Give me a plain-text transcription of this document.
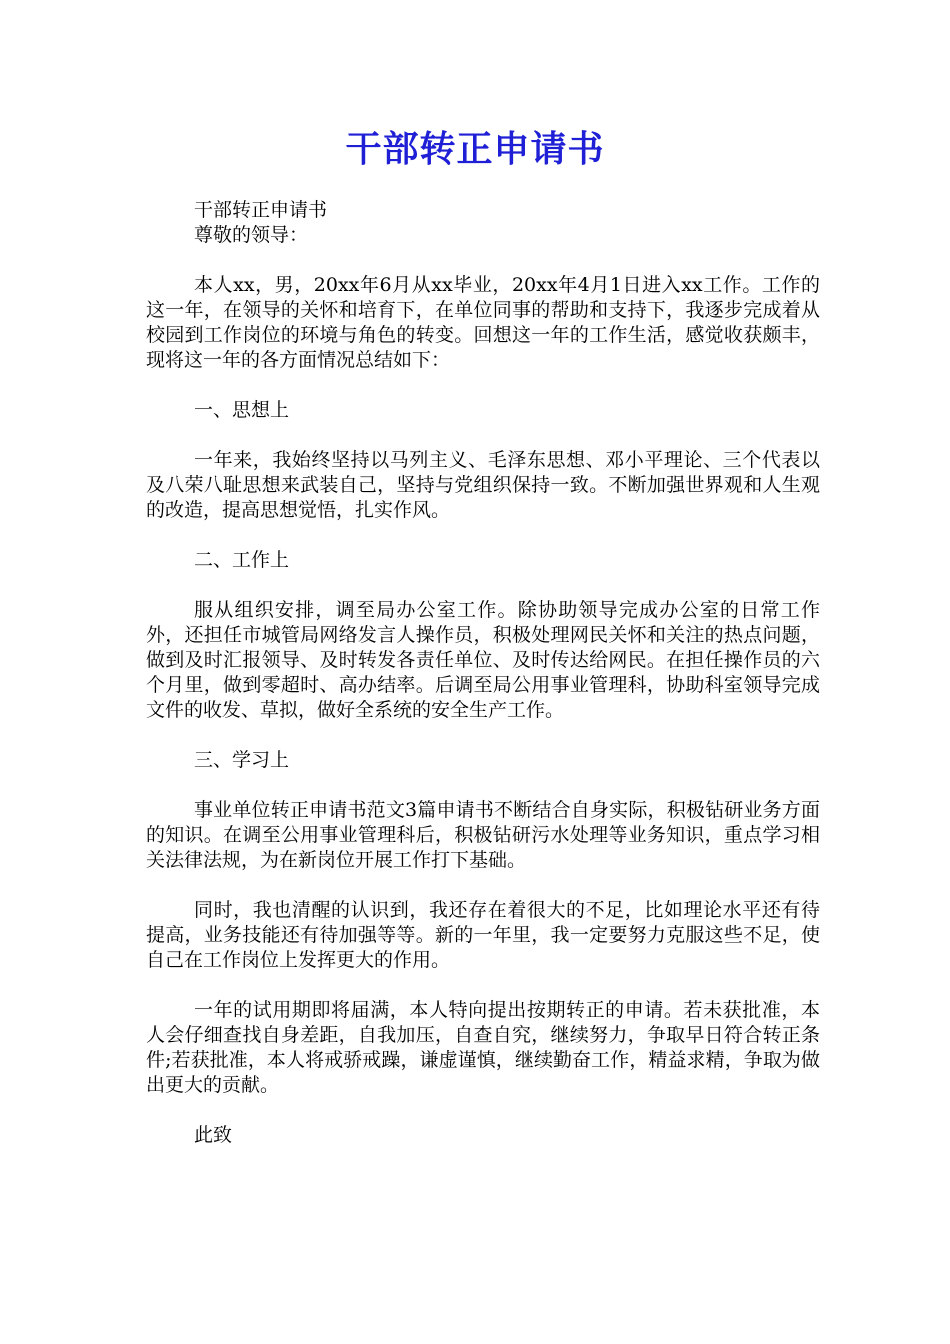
干部转正申请书

干部转正申请书

尊敬的领导：

本人xx，男，20xx年6月从xx毕业，20xx年4月1日进入xx工作。工作的这一年，在领导的关怀和培育下，在单位同事的帮助和支持下，我逐步完成着从校园到工作岗位的环境与角色的转变。回想这一年的工作生活，感觉收获颇丰，现将这一年的各方面情况总结如下：

一、思想上

一年来，我始终坚持以马列主义、毛泽东思想、邓小平理论、三个代表以及八荣八耻思想来武装自己，坚持与党组织保持一致。不断加强世界观和人生观的改造，提高思想觉悟，扎实作风。

二、工作上

服从组织安排，调至局办公室工作。除协助领导完成办公室的日常工作外，还担任市城管局网络发言人操作员，积极处理网民关怀和关注的热点问题，做到及时汇报领导、及时转发各责任单位、及时传达给网民。在担任操作员的六个月里，做到零超时、高办结率。后调至局公用事业管理科，协助科室领导完成文件的收发、草拟，做好全系统的安全生产工作。

三、学习上

事业单位转正申请书范文3篇申请书不断结合自身实际，积极钻研业务方面的知识。在调至公用事业管理科后，积极钻研污水处理等业务知识，重点学习相关法律法规，为在新岗位开展工作打下基础。

同时，我也清醒的认识到，我还存在着很大的不足，比如理论水平还有待提高，业务技能还有待加强等等。新的一年里，我一定要努力克服这些不足，使自己在工作岗位上发挥更大的作用。

一年的试用期即将届满，本人特向提出按期转正的申请。若未获批准，本人会仔细查找自身差距，自我加压，自查自究，继续努力，争取早日符合转正条件;若获批准，本人将戒骄戒躁，谦虚谨慎，继续勤奋工作，精益求精，争取为做出更大的贡献。

此致
